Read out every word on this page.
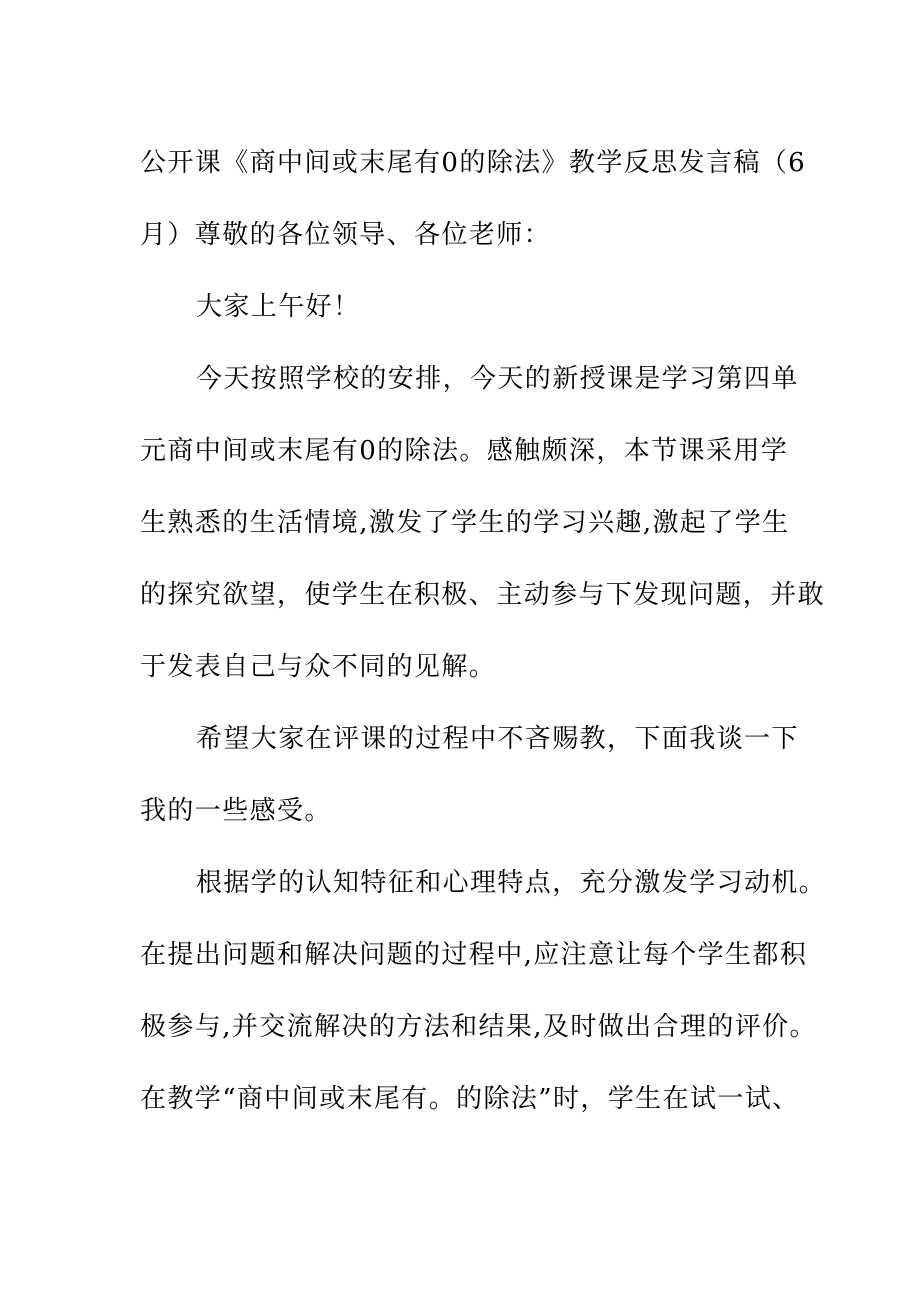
公开课《商中间或末尾有0的除法》教学反思发言稿（6
月）尊敬的各位领导、各位老师：
大家上午好！
今天按照学校的安排，今天的新授课是学习第四单
元商中间或末尾有0的除法。感触颇深，本节课采用学
生熟悉的生活情境,激发了学生的学习兴趣,激起了学生
的探究欲望，使学生在积极、主动参与下发现问题，并敢
于发表自己与众不同的见解。
希望大家在评课的过程中不吝赐教，下面我谈一下
我的一些感受。
根据学的认知特征和心理特点，充分激发学习动机。
在提出问题和解决问题的过程中,应注意让每个学生都积
极参与,并交流解决的方法和结果,及时做出合理的评价。
在教学“商中间或末尾有。的除法”时，学生在试一试、
